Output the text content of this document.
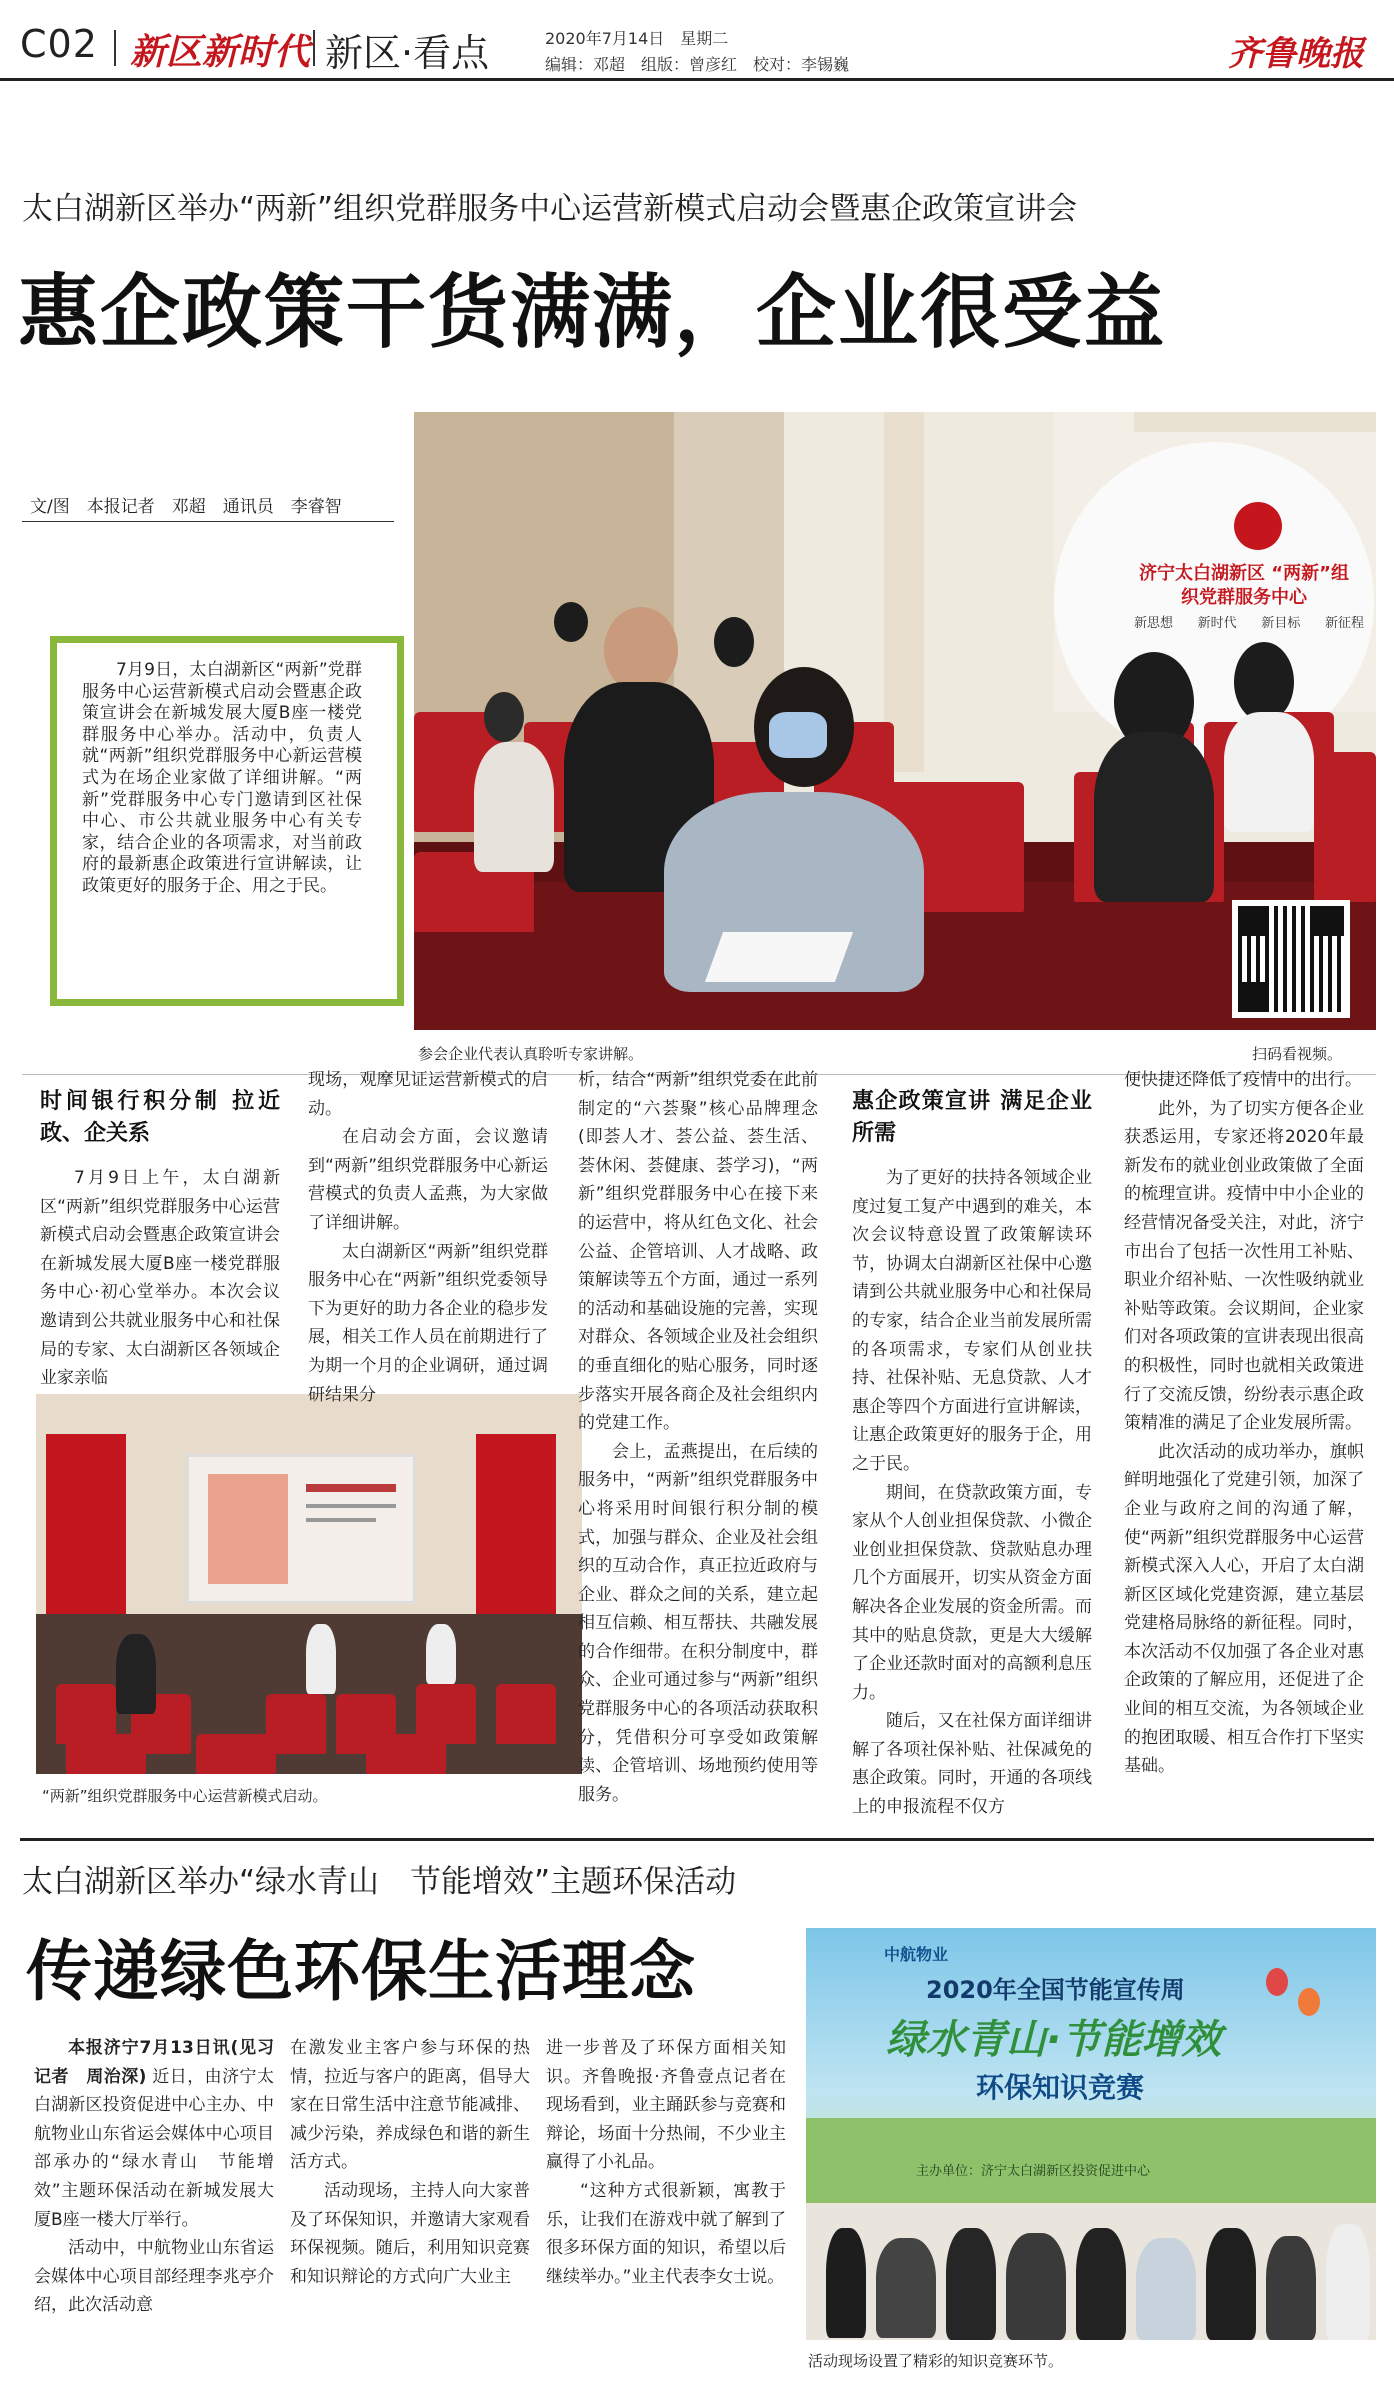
C02 新区新时代 新区·看点	2020年7月14日　星期二
编辑：邓超　组版：曾彦红　校对：李锡巍	齐鲁晚报
太白湖新区举办“两新”组织党群服务中心运营新模式启动会暨惠企政策宣讲会
惠企政策干货满满，企业很受益
文/图　本报记者　邓超　通讯员　李睿智

7月9日，太白湖新区“两新”党群服务中心运营新模式启动会暨惠企政策宣讲会在新城发展大厦B座一楼党群服务中心举办。活动中，负责人就“两新”组织党群服务中心新运营模式为在场企业家做了详细讲解。“两新”党群服务中心专门邀请到区社保中心、市公共就业服务中心有关专家，结合企业的各项需求，对当前政府的最新惠企政策进行宣讲解读，让政策更好的服务于企、用之于民。

济宁太白湖新区 “两新”组织党群服务中心
新思想 新时代 新目标 新征程
参会企业代表认真聆听专家讲解。	扫码看视频。
时间银行积分制 拉近政、企关系

7月9日上午，太白湖新区“两新”组织党群服务中心运营新模式启动会暨惠企政策宣讲会在新城发展大厦B座一楼党群服务中心·初心堂举办。本次会议邀请到公共就业服务中心和社保局的专家、太白湖新区各领域企业家亲临

“两新”组织党群服务中心运营新模式启动。

现场，观摩见证运营新模式的启动。

在启动会方面，会议邀请到“两新”组织党群服务中心新运营模式的负责人孟燕，为大家做了详细讲解。

太白湖新区“两新”组织党群服务中心在“两新”组织党委领导下为更好的助力各企业的稳步发展，相关工作人员在前期进行了为期一个月的企业调研，通过调研结果分

析，结合“两新”组织党委在此前制定的“六荟聚”核心品牌理念(即荟人才、荟公益、荟生活、荟休闲、荟健康、荟学习)，“两新”组织党群服务中心在接下来的运营中，将从红色文化、社会公益、企管培训、人才战略、政策解读等五个方面，通过一系列的活动和基础设施的完善，实现对群众、各领域企业及社会组织的垂直细化的贴心服务，同时逐步落实开展各商企及社会组织内的党建工作。

会上，孟燕提出，在后续的服务中，“两新”组织党群服务中心将采用时间银行积分制的模式，加强与群众、企业及社会组织的互动合作，真正拉近政府与企业、群众之间的关系，建立起相互信赖、相互帮扶、共融发展的合作细带。在积分制度中，群众、企业可通过参与“两新”组织党群服务中心的各项活动获取积分，凭借积分可享受如政策解读、企管培训、场地预约使用等服务。

惠企政策宣讲 满足企业所需

为了更好的扶持各领域企业度过复工复产中遇到的难关，本次会议特意设置了政策解读环节，协调太白湖新区社保中心邀请到公共就业服务中心和社保局的专家，结合企业当前发展所需的各项需求，专家们从创业扶持、社保补贴、无息贷款、人才惠企等四个方面进行宣讲解读，让惠企政策更好的服务于企，用之于民。

期间，在贷款政策方面，专家从个人创业担保贷款、小微企业创业担保贷款、贷款贴息办理几个方面展开，切实从资金方面解决各企业发展的资金所需。而其中的贴息贷款，更是大大缓解了企业还款时面对的高额利息压力。

随后，又在社保方面详细讲解了各项社保补贴、社保减免的惠企政策。同时，开通的各项线上的申报流程不仅方

便快捷还降低了疫情中的出行。

此外，为了切实方便各企业获悉运用，专家还将2020年最新发布的就业创业政策做了全面的梳理宣讲。疫情中中小企业的经营情况备受关注，对此，济宁市出台了包括一次性用工补贴、职业介绍补贴、一次性吸纳就业补贴等政策。会议期间，企业家们对各项政策的宣讲表现出很高的积极性，同时也就相关政策进行了交流反馈，纷纷表示惠企政策精准的满足了企业发展所需。

此次活动的成功举办，旗帜鲜明地强化了党建引领，加深了企业与政府之间的沟通了解，使“两新”组织党群服务中心运营新模式深入人心，开启了太白湖新区区域化党建资源，建立基层党建格局脉络的新征程。同时，本次活动不仅加强了各企业对惠企政策的了解应用，还促进了企业间的相互交流，为各领域企业的抱团取暖、相互合作打下坚实基础。

太白湖新区举办“绿水青山　节能增效”主题环保活动
传递绿色环保生活理念

本报济宁7月13日讯(见习记者　周治深) 近日，由济宁太白湖新区投资促进中心主办、中航物业山东省运会媒体中心项目部承办的“绿水青山　节能增效”主题环保活动在新城发展大厦B座一楼大厅举行。

活动中，中航物业山东省运会媒体中心项目部经理李兆亭介绍，此次活动意

在激发业主客户参与环保的热情，拉近与客户的距离，倡导大家在日常生活中注意节能减排、减少污染，养成绿色和谐的新生活方式。

活动现场，主持人向大家普及了环保知识，并邀请大家观看环保视频。随后，利用知识竞赛和知识辩论的方式向广大业主

进一步普及了环保方面相关知识。齐鲁晚报·齐鲁壹点记者在现场看到，业主踊跃参与竞赛和辩论，场面十分热闹，不少业主赢得了小礼品。

“这种方式很新颖，寓教于乐，让我们在游戏中就了解到了很多环保方面的知识，希望以后继续举办。”业主代表李女士说。

中航物业
2020年全国节能宣传周
绿水青山·节能增效
环保知识竞赛
主办单位：济宁太白湖新区投资促进中心
活动现场设置了精彩的知识竞赛环节。
